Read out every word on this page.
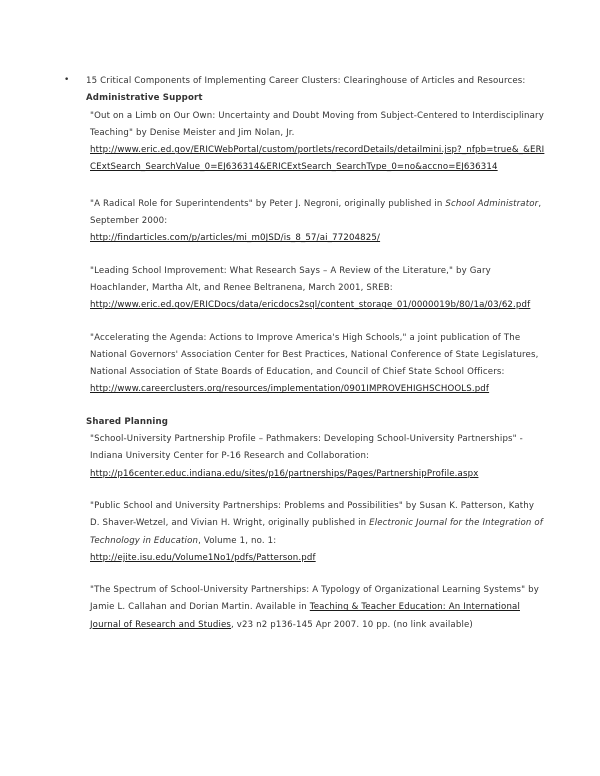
• 15 Critical Components of Implementing Career Clusters: Clearinghouse of Articles and Resources:

Administrative Support

"Out on a Limb on Our Own: Uncertainty and Doubt Moving from Subject-Centered to Interdisciplinary Teaching" by Denise Meister and Jim Nolan, Jr.

http://www.eric.ed.gov/ERICWebPortal/custom/portlets/recordDetails/detailmini.jsp?_nfpb=true&_&ERICExtSearch_SearchValue_0=EJ636314&ERICExtSearch_SearchType_0=no&accno=EJ636314

"A Radical Role for Superintendents" by Peter J. Negroni, originally published in School Administrator, September 2000:

http://findarticles.com/p/articles/mi_m0JSD/is_8_57/ai_77204825/

"Leading School Improvement: What Research Says – A Review of the Literature," by Gary Hoachlander, Martha Alt, and Renee Beltranena, March 2001, SREB:

http://www.eric.ed.gov/ERICDocs/data/ericdocs2sql/content_storage_01/0000019b/80/1a/03/62.pdf

"Accelerating the Agenda: Actions to Improve America's High Schools," a joint publication of The National Governors' Association Center for Best Practices, National Conference of State Legislatures, National Association of State Boards of Education, and Council of Chief State School Officers:

http://www.careerclusters.org/resources/implementation/0901IMPROVEHIGHSCHOOLS.pdf

Shared Planning

"School-University Partnership Profile – Pathmakers: Developing School-University Partnerships" - Indiana University Center for P-16 Research and Collaboration:

http://p16center.educ.indiana.edu/sites/p16/partnerships/Pages/PartnershipProfile.aspx

"Public School and University Partnerships: Problems and Possibilities" by Susan K. Patterson, Kathy D. Shaver-Wetzel, and Vivian H. Wright, originally published in Electronic Journal for the Integration of Technology in Education, Volume 1, no. 1:

http://ejite.isu.edu/Volume1No1/pdfs/Patterson.pdf

"The Spectrum of School-University Partnerships: A Typology of Organizational Learning Systems" by Jamie L. Callahan and Dorian Martin. Available in Teaching & Teacher Education: An International Journal of Research and Studies, v23 n2 p136-145 Apr 2007. 10 pp. (no link available)
